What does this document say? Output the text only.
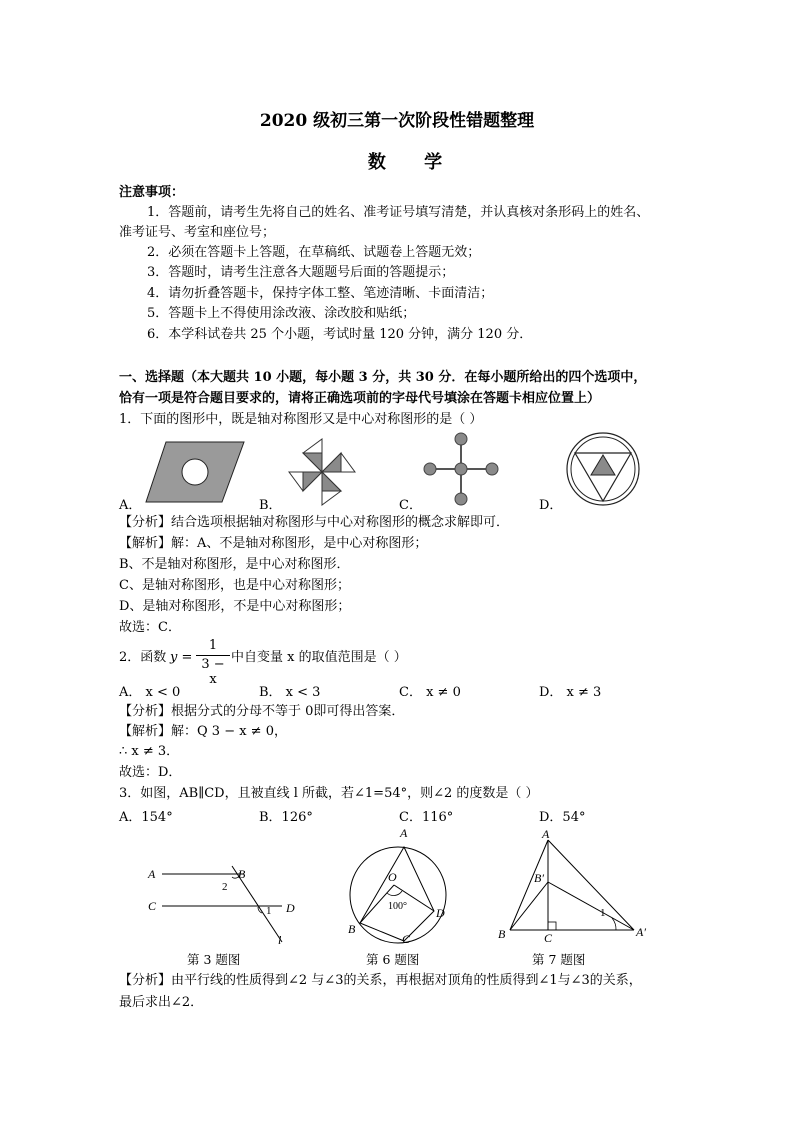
2020 级初三第一次阶段性错题整理
数 学
注意事项：
1．答题前，请考生先将自己的姓名、准考证号填写清楚，并认真核对条形码上的姓名、
准考证号、考室和座位号；
2．必须在答题卡上答题，在草稿纸、试题卷上答题无效；
3．答题时，请考生注意各大题题号后面的答题提示；
4．请勿折叠答题卡，保持字体工整、笔迹清晰、卡面清洁；
5．答题卡上不得使用涂改液、涂改胶和贴纸；
6．本学科试卷共 25 个小题，考试时量 120 分钟，满分 120 分．
一、选择题（本大题共 10 小题，每小题 3 分，共 30 分．在每小题所给出的四个选项中，
恰有一项是符合题目要求的，请将正确选项前的字母代号填涂在答题卡相应位置上）
1．下面的图形中，既是轴对称图形又是中心对称图形的是（ ）
A．	B．	C．	D．
【分析】结合选项根据轴对称图形与中心对称图形的概念求解即可．
【解析】解：A、不是轴对称图形，是中心对称图形；
B、不是轴对称图形，是中心对称图形．
C、是轴对称图形，也是中心对称图形；
D、是轴对称图形，不是中心对称图形；
故选：C．
2．函数 y =
1
3 − x
中自变量 x 的取值范围是（ ）
A． x < 0	B． x < 3	C． x ≠ 0	D． x ≠ 3
【分析】根据分式的分母不等于 0即可得出答案．
【解析】解：Q 3 − x ≠ 0，
∴ x ≠ 3．
故选：D．
3．如图，AB∥CD，且被直线 l 所截，若∠1=54°，则∠2 的度数是（ ）
A．154°	B．126°	C．116°	D．54°
A	B
C	D
l
1
2
A
O
B
C
D
100°
A
B
B′
C	A′
1
第 3 题图	第 6 题图	第 7 题图
【分析】由平行线的性质得到∠2 与∠3的关系，再根据对顶角的性质得到∠1与∠3的关系，
最后求出∠2．
